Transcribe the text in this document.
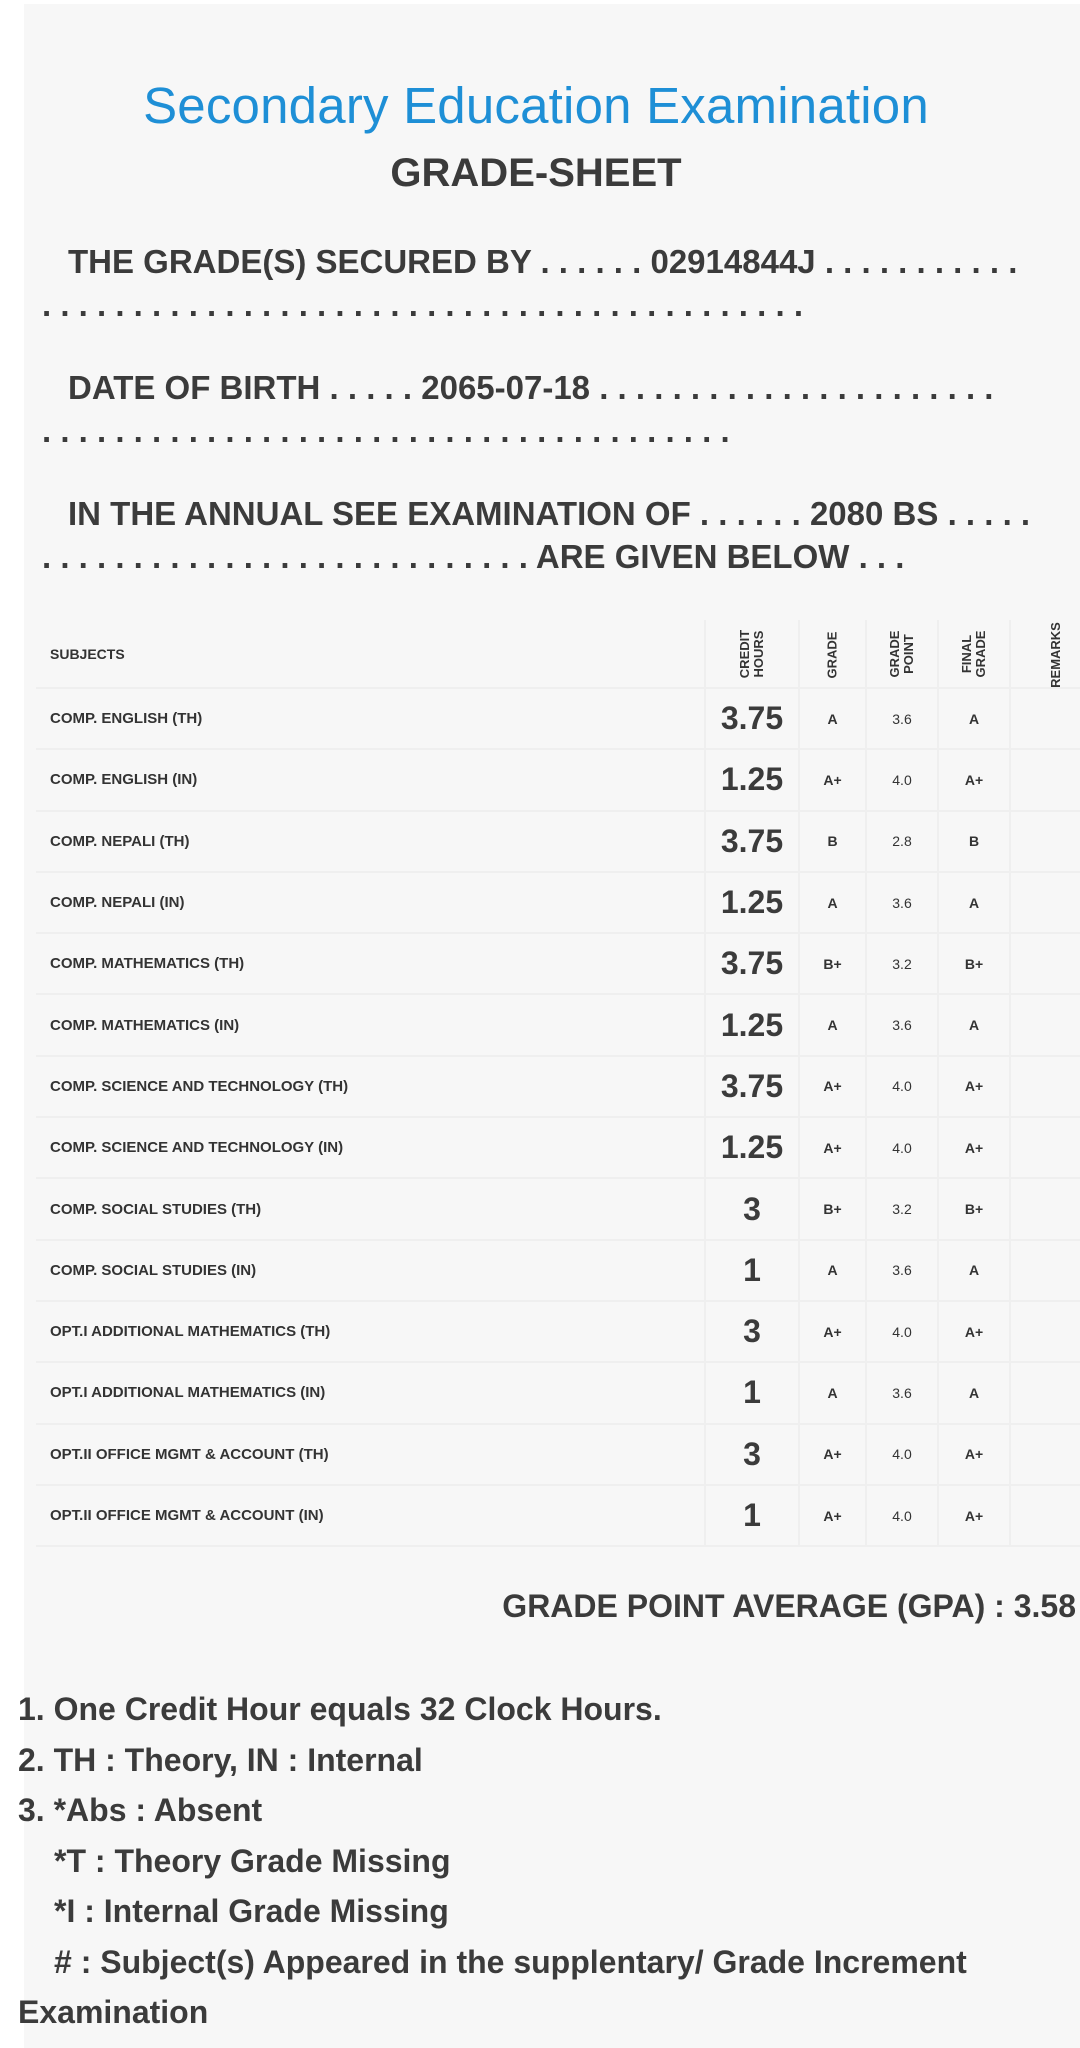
Secondary Education Examination
GRADE-SHEET
THE GRADE(S) SECURED BY . . . . . . 02914844J . . . . . . . . . . .
. . . . . . . . . . . . . . . . . . . . . . . . . . . . . . . . . . . . . . . . . .
DATE OF BIRTH . . . . . 2065-07-18 . . . . . . . . . . . . . . . . . . . . . .
. . . . . . . . . . . . . . . . . . . . . . . . . . . . . . . . . . . . . .
IN THE ANNUAL SEE EXAMINATION OF . . . . . . 2080 BS . . . . .
. . . . . . . . . . . . . . . . . . . . . . . . . . . ARE GIVEN BELOW . . .
SUBJECTS	CREDIT HOURS	GRADE	GRADE POINT	FINAL GRADE	REMARKS
COMP. ENGLISH (TH)	3.75	A	3.6	A	
COMP. ENGLISH (IN)	1.25	A+	4.0	A+	
COMP. NEPALI (TH)	3.75	B	2.8	B	
COMP. NEPALI (IN)	1.25	A	3.6	A	
COMP. MATHEMATICS (TH)	3.75	B+	3.2	B+	
COMP. MATHEMATICS (IN)	1.25	A	3.6	A	
COMP. SCIENCE AND TECHNOLOGY (TH)	3.75	A+	4.0	A+	
COMP. SCIENCE AND TECHNOLOGY (IN)	1.25	A+	4.0	A+	
COMP. SOCIAL STUDIES (TH)	3	B+	3.2	B+	
COMP. SOCIAL STUDIES (IN)	1	A	3.6	A	
OPT.I ADDITIONAL MATHEMATICS (TH)	3	A+	4.0	A+	
OPT.I ADDITIONAL MATHEMATICS (IN)	1	A	3.6	A	
OPT.II OFFICE MGMT & ACCOUNT (TH)	3	A+	4.0	A+	
OPT.II OFFICE MGMT & ACCOUNT (IN)	1	A+	4.0	A+	
GRADE POINT AVERAGE (GPA) : 3.58
1. One Credit Hour equals 32 Clock Hours.
2. TH : Theory, IN : Internal
3. *Abs : Absent
*T : Theory Grade Missing
*I : Internal Grade Missing
# : Subject(s) Appeared in the supplentary/ Grade Increment
Examination
